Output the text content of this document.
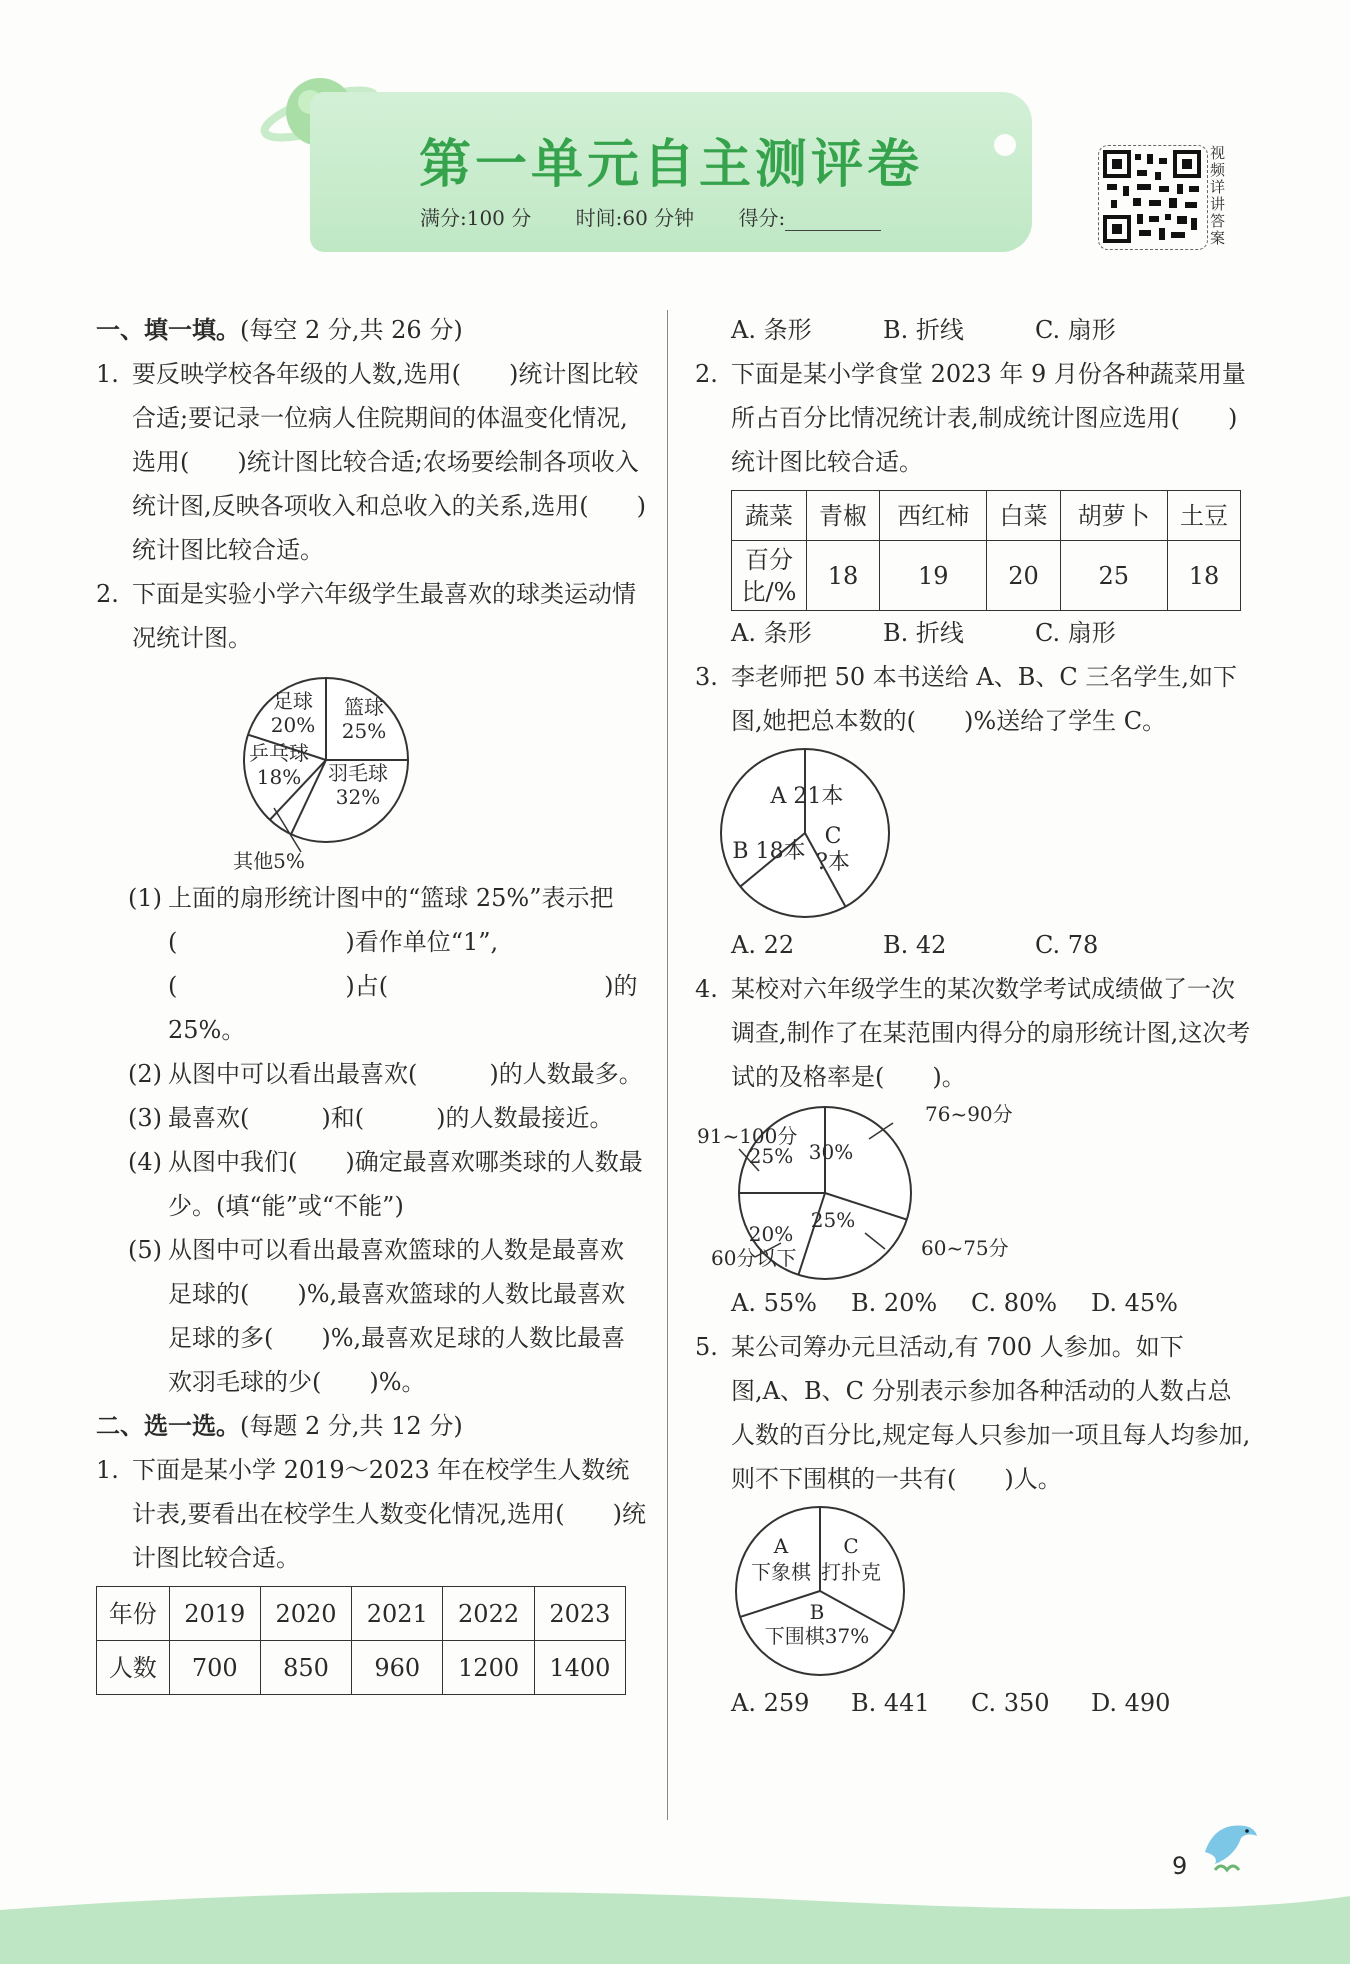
第一单元自主测评卷
满分:100 分 时间:60 分钟 得分:
视频详讲答案

一、填一填。(每空 2 分,共 26 分)

1. 要反映学校各年级的人数,选用(　　)统计图比较合适;要记录一位病人住院期间的体温变化情况,选用(　　)统计图比较合适;农场要绘制各项收入统计图,反映各项收入和总收入的关系,选用(　　)统计图比较合适。
2. 下面是实验小学六年级学生最喜欢的球类运动情况统计图。
足球
20%
篮球
25%
乒乓球
18% 羽毛球
32%
其他5%
(1) 上面的扇形统计图中的“篮球 25%”表示把(　　　　　　　)看作单位“1”,(　　　　　　　)占(　　　　　　　　　)的 25%。
(2) 从图中可以看出最喜欢(　　　)的人数最多。
(3) 最喜欢(　　　)和(　　　)的人数最接近。
(4) 从图中我们(　　)确定最喜欢哪类球的人数最少。(填“能”或“不能”)
(5) 从图中可以看出最喜欢篮球的人数是最喜欢足球的(　　)%,最喜欢篮球的人数比最喜欢足球的多(　　)%,最喜欢足球的人数比最喜欢羽毛球的少(　　)%。

二、选一选。(每题 2 分,共 12 分)

1. 下面是某小学 2019～2023 年在校学生人数统计表,要看出在校学生人数变化情况,选用(　　)统计图比较合适。
年份	2019	2020	2021	2022	2023
人数	700	850	960	1200	1400
A. 条形	B. 折线	C. 扇形
2. 下面是某小学食堂 2023 年 9 月份各种蔬菜用量所占百分比情况统计表,制成统计图应选用(　　)统计图比较合适。
蔬菜	青椒	西红柿	白菜	胡萝卜	土豆
百分比/%	18	19	20	25	18
A. 条形	B. 折线	C. 扇形
3. 李老师把 50 本书送给 A、B、C 三名学生,如下图,她把总本数的(　　)%送给了学生 C。
A 21本
B 18本
C
?本
A. 22	B. 42	C. 78
4. 某校对六年级学生的某次数学考试成绩做了一次调查,制作了在某范围内得分的扇形统计图,这次考试的及格率是(　　)。
91~100分
76~90分
60~75分
60分以下
25% 30%
20%
25%
A. 55% B. 20% C. 80% D. 45%
5. 某公司筹办元旦活动,有 700 人参加。如下图,A、B、C 分别表示参加各种活动的人数占总人数的百分比,规定每人只参加一项且每人均参加,则不下围棋的一共有(　　)人。
A
下象棋
C
打扑克
B
下围棋37%
A. 259 B. 441 C. 350 D. 490
9
